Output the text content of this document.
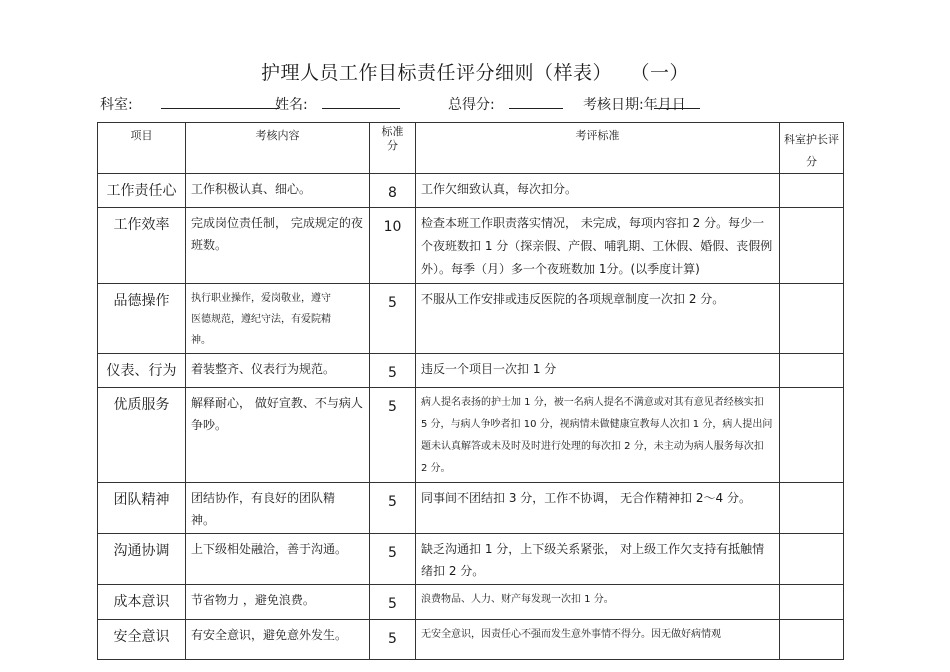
护理人员工作目标责任评分细则（样表） （一）
科室:	姓名:	总得分:	考核日期:
年
月
日
项目	考核内容	标准分	考评标准	科室护长评分
工作责任心	工作积极认真、细心。	8	工作欠细致认真，每次扣分。	
工作效率	完成岗位责任制， 完成规定的夜班数。	10	检查本班工作职责落实情况， 未完成，每项内容扣 2 分。每少一个夜班数扣 1 分（探亲假、产假、哺乳期、工休假、婚假、丧假例外）。每季（月）多一个夜班数加 1分。(以季度计算)	
品德操作	执行职业操作，爱岗敬业，遵守医德规范，遵纪守法，有爱院精神。	5	不服从工作安排或违反医院的各项规章制度一次扣 2 分。	
仪表、行为	着装整齐、仪表行为规范。	5	违反一个项目一次扣 1 分	
优质服务	解释耐心， 做好宣教、不与病人争吵。	5	病人提名表扬的护士加 1 分，被一名病人提名不满意或对其有意见者经核实扣 5 分，与病人争吵者扣 10 分，视病情未做健康宣教每人次扣 1 分，病人提出问题未认真解答或未及时及时进行处理的每次扣 2 分，未主动为病人服务每次扣 2 分。	
团队精神	团结协作，有良好的团队精神。	5	同事间不团结扣 3 分，工作不协调， 无合作精神扣 2～4 分。	
沟通协调	上下级相处融洽，善于沟通。	5	缺乏沟通扣 1 分，上下级关系紧张， 对上级工作欠支持有抵触情绪扣 2 分。	
成本意识	节省物力 ，避免浪费。	5	浪费物品、人力、财产每发现一次扣 1 分。	
安全意识	有安全意识，避免意外发生。	5	无安全意识，因责任心不强而发生意外事情不得分。因无做好病情观	
